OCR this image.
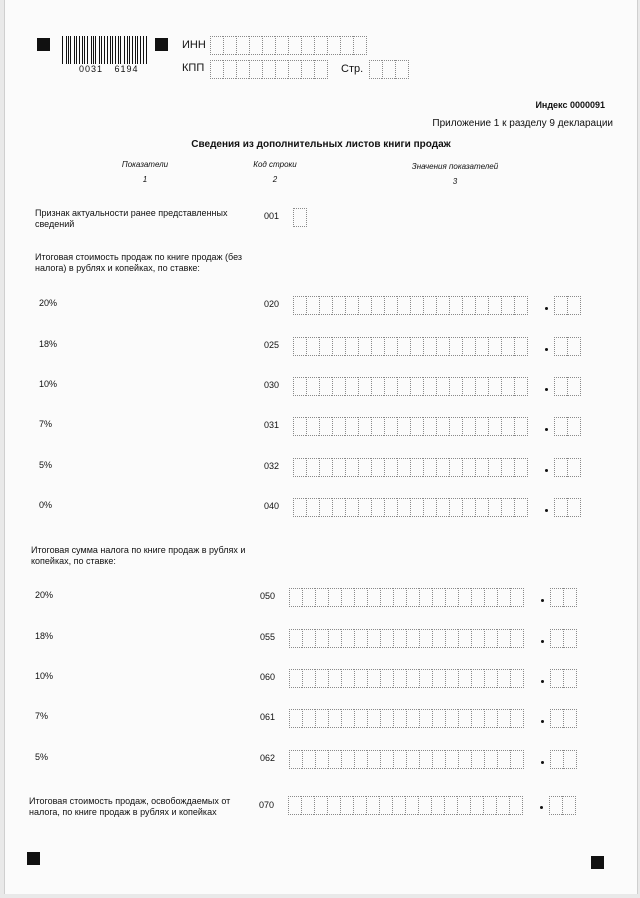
0031 6194
ИНН
КПП	Стр.
Индекс 0000091
Приложение 1 к разделу 9 декларации
Сведения из дополнительных листов книги продаж
Показатели
1
Код строки
2
Значения показателей
3
Признак актуальности ранее представленных сведений
001
Итоговая стоимость продаж по книге продаж (без налога) в рублях и копейках, по ставке:
20%	020
18%	025
10%	030
7%	031
5%	032
0%	040
Итоговая сумма налога по книге продаж в рублях и копейках, по ставке:
20%	050
18%	055
10%	060
7%	061
5%	062
Итоговая стоимость продаж, освобождаемых от налога, по книге продаж в рублях и копейках
070
